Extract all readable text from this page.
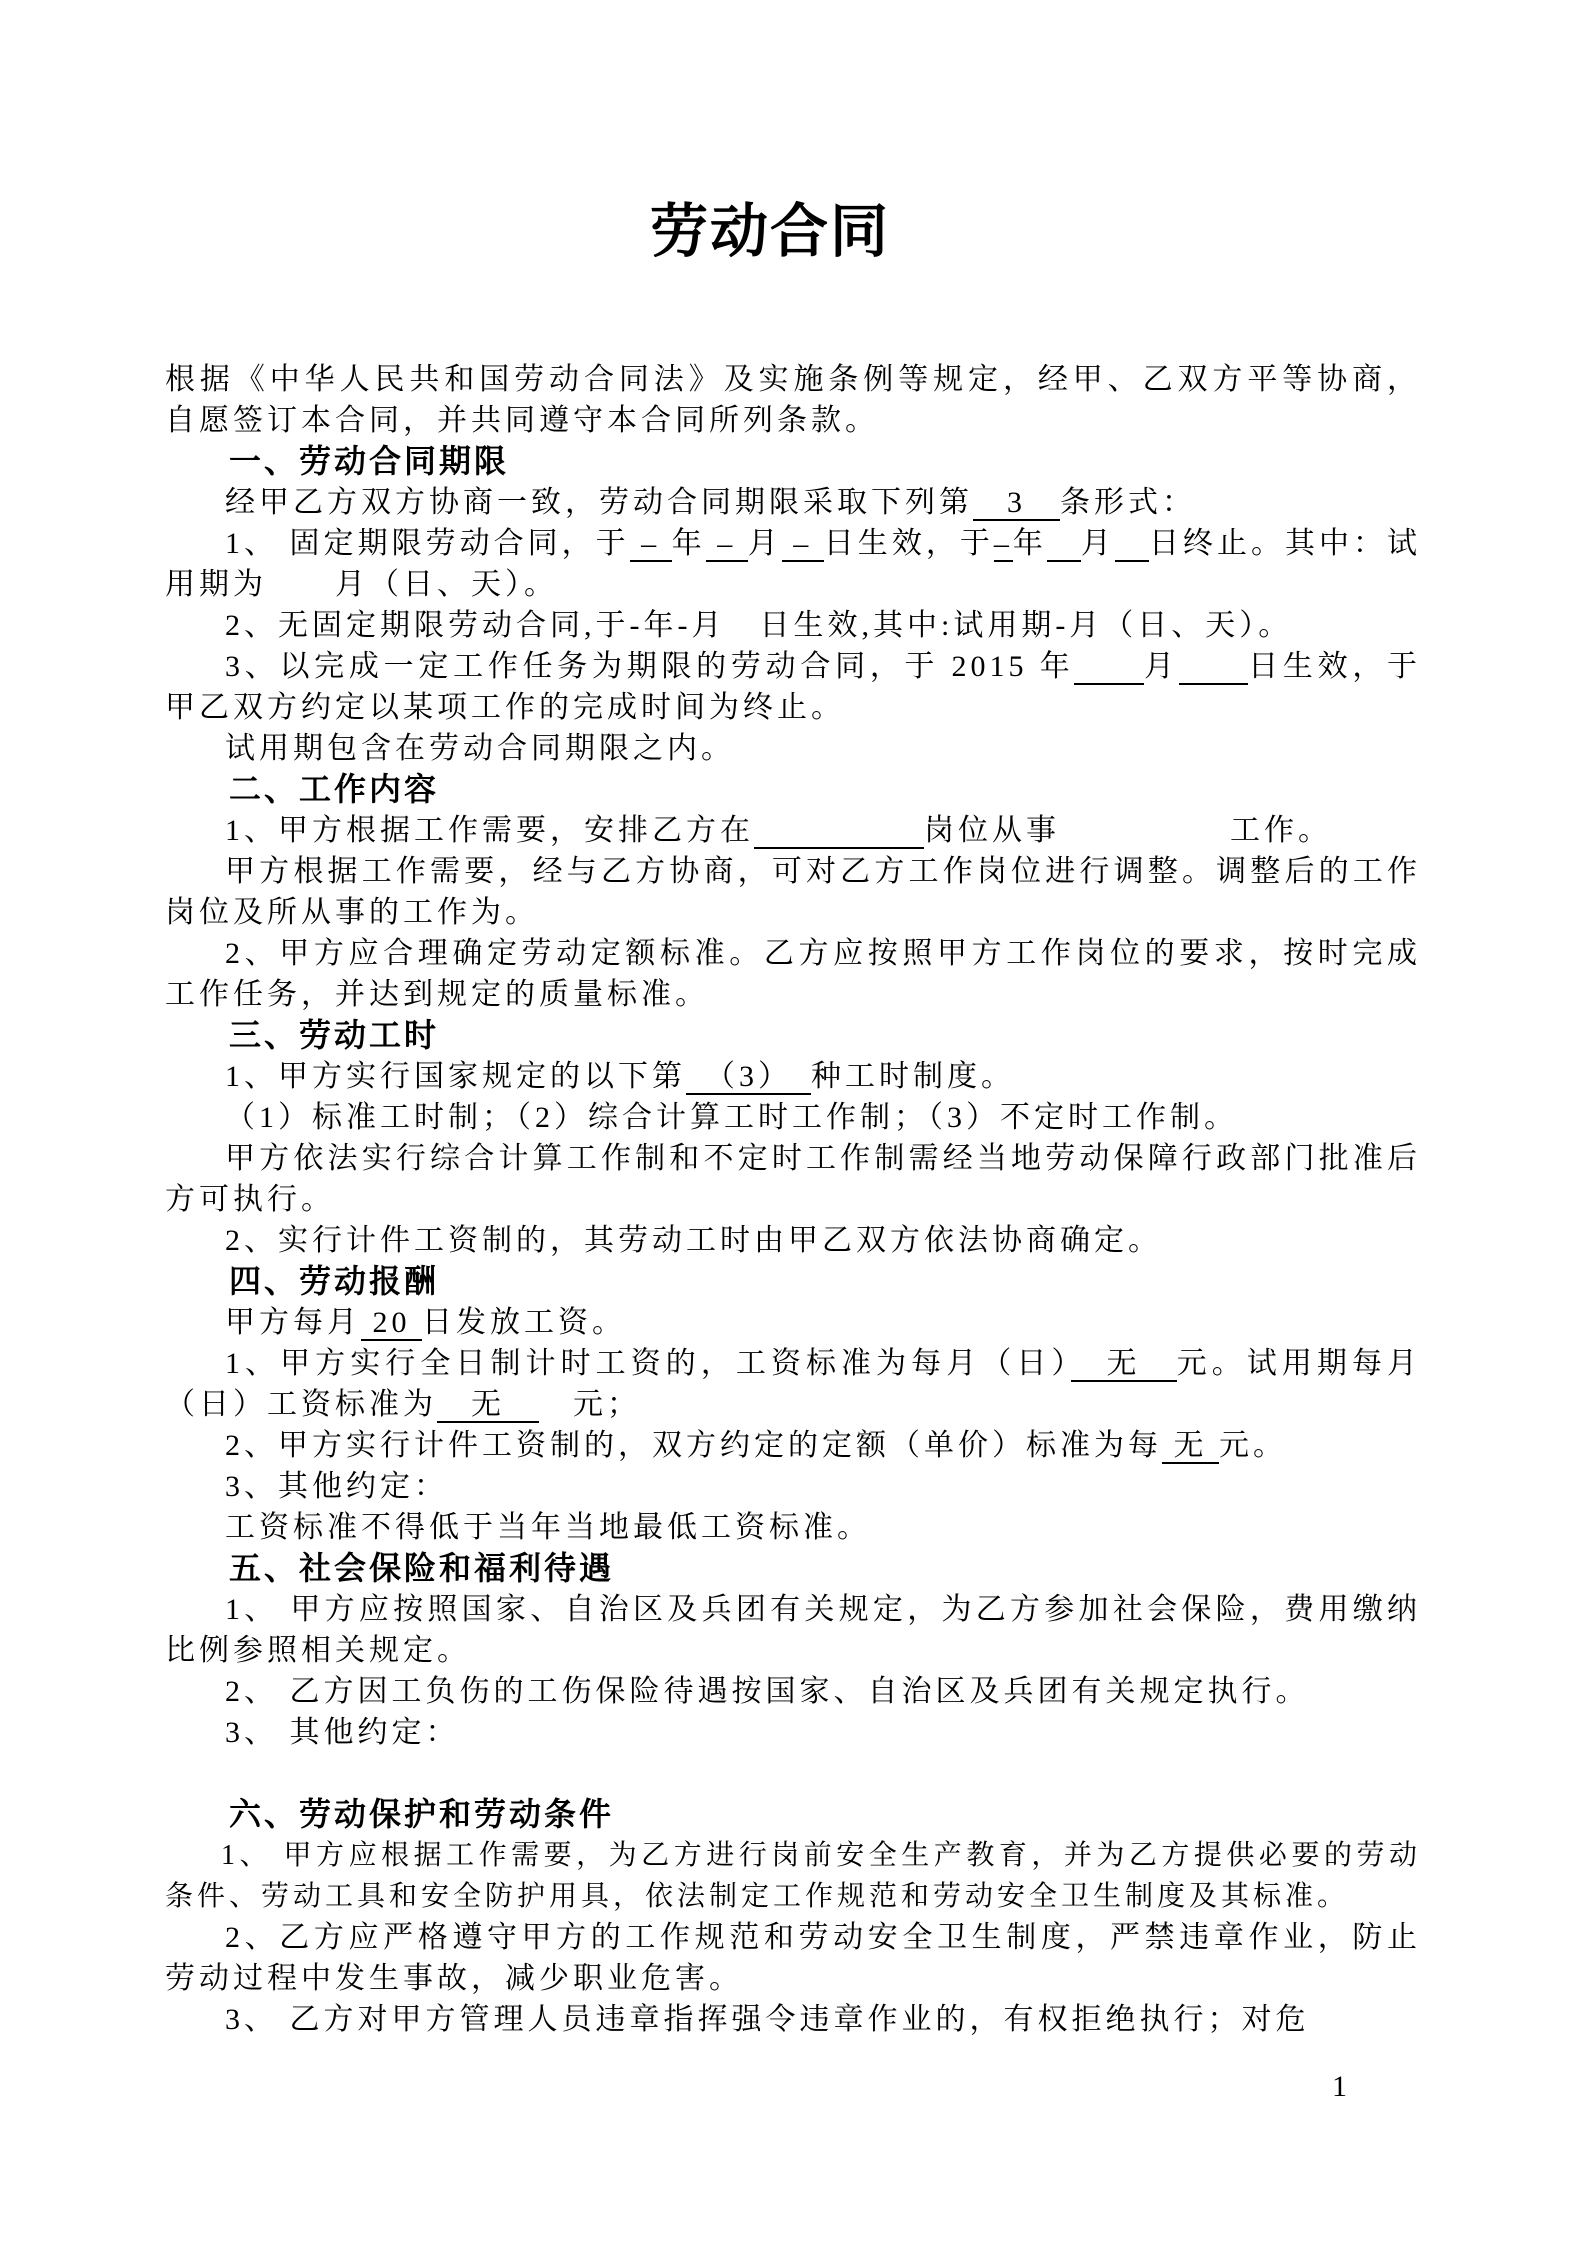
劳动合同

根据《中华人民共和国劳动合同法》及实施条例等规定，经甲、乙双方平等协商，自愿签订本合同，并共同遵守本合同所列条款。

一、劳动合同期限

经甲乙方双方协商一致，劳动合同期限采取下列第　3　条形式：

1、 固定期限劳动合同，于 – 年 – 月 – 日生效，于–年　 月　 日终止。其中：试用期为　　月（日、天）。

2、无固定期限劳动合同,于-年-月　日生效,其中:试用期-月（日、天）。

3、以完成一定工作任务为期限的劳动合同，于 2015 年　　 月　　 日生效，于甲乙双方约定以某项工作的完成时间为终止。

试用期包含在劳动合同期限之内。

二、工作内容

1、甲方根据工作需要，安排乙方在　　　　　	岗位从事　　　　　工作。

甲方根据工作需要，经与乙方协商，可对乙方工作岗位进行调整。调整后的工作岗位及所从事的工作为。

2、甲方应合理确定劳动定额标准。乙方应按照甲方工作岗位的要求，按时完成工作任务，并达到规定的质量标准。

三、劳动工时

1、甲方实行国家规定的以下第　（3）　种工时制度。

（1）标准工时制；（2）综合计算工时工作制；（3）不定时工作制。

甲方依法实行综合计算工作制和不定时工作制需经当地劳动保障行政部门批准后方可执行。

2、实行计件工资制的，其劳动工时由甲乙双方依法协商确定。

四、劳动报酬

甲方每月 20 日发放工资。

1、甲方实行全日制计时工资的，工资标准为每月（日）　无　元。试用期每月（日）工资标准为　无　　元；

2、甲方实行计件工资制的，双方约定的定额（单价）标准为每 无 元。

3、其他约定：

工资标准不得低于当年当地最低工资标准。

五、社会保险和福利待遇

1、 甲方应按照国家、自治区及兵团有关规定，为乙方参加社会保险，费用缴纳比例参照相关规定。

2、 乙方因工负伤的工伤保险待遇按国家、自治区及兵团有关规定执行。

3、 其他约定：

六、劳动保护和劳动条件

1、 甲方应根据工作需要，为乙方进行岗前安全生产教育，并为乙方提供必要的劳动条件、劳动工具和安全防护用具，依法制定工作规范和劳动安全卫生制度及其标准。

2、乙方应严格遵守甲方的工作规范和劳动安全卫生制度，严禁违章作业，防止劳动过程中发生事故，减少职业危害。

3、 乙方对甲方管理人员违章指挥强令违章作业的，有权拒绝执行；对危

1
